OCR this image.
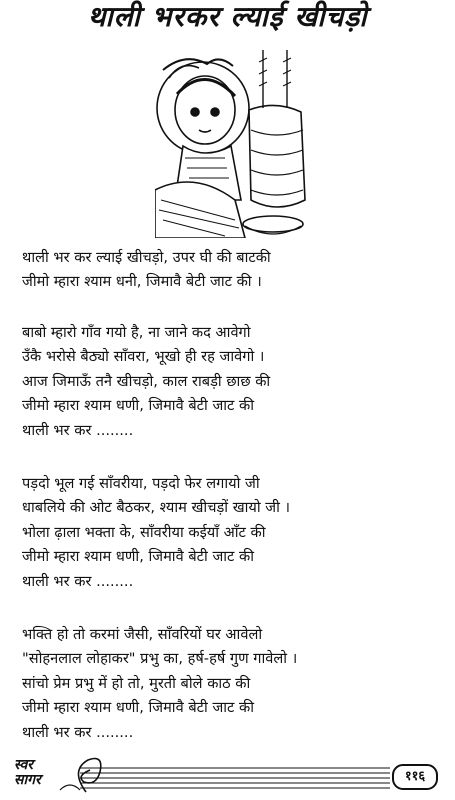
थाली भरकर ल्याई खीचड़ो
थाली भर कर ल्याई खीचड़ो, उपर घी की बाटकी
जीमो म्हारा श्याम धनी, जिमावै बेटी जाट की ।
बाबो म्हारो गाँव गयो है, ना जाने कद आवेगो
उँकै भरोसे बैठ्यो साँवरा, भूखो ही रह जावेगो ।
आज जिमाऊँ तनै खीचड़ो, काल राबड़ी छाछ की
जीमो म्हारा श्याम धणी, जिमावै बेटी जाट की
थाली भर कर ........
पड़दो भूल गई साँवरीया, पड़दो फेर लगायो जी
धाबलिये की ओट बैठकर, श्याम खीचड़ों खायो जी ।
भोला ढ़ाला भक्ता के, साँवरीया कईयाँ आँट की
जीमो म्हारा श्याम धणी, जिमावै बेटी जाट की
थाली भर कर ........
भक्ति हो तो करमां जैसी, साँवरियों घर आवेलो
"सोहनलाल लोहाकर" प्रभु का, हर्ष-हर्ष गुण गावेलो ।
सांचो प्रेम प्रभु में हो तो, मुरती बोले काठ की
जीमो म्हारा श्याम धणी, जिमावै बेटी जाट की
थाली भर कर ........
स्वर
सागर	११६
